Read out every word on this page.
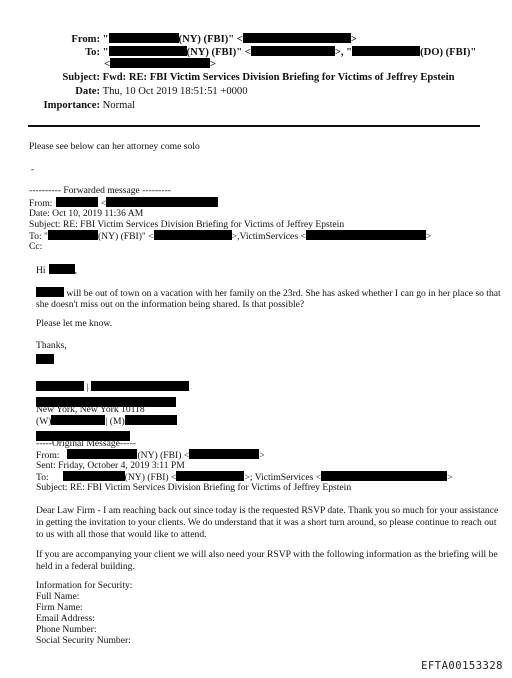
From: "	(NY) (FBI)" <	>
To: "	(NY) (FBI)" <	>, "	(DO) (FBI)"
<	>
Subject: Fwd: RE: FBI Victim Services Division Briefing for Victims of Jeffrey Epstein
Date: Thu, 10 Oct 2019 18:51:51 +0000
Importance: Normal
Please see below can her attorney come solo
-
---------- Forwarded message ---------
From:	<
Date: Oct 10, 2019 11:36 AM
Subject: RE: FBI Victim Services Division Briefing for Victims of Jeffrey Epstein
To: "	(NY) (FBI)" <	>,VictimServices <	>
Cc:
Hi	,
will be out of town on a vacation with her family on the 23rd. She has asked whether I can go in her place so that
she doesn't miss out on the information being shared. Is that possible?
Please let me know.
Thanks,
|
New York, New York 10118
(W)	| (M)
-----Original Message-----
From:	(NY) (FBI) <	>
Sent: Friday, October 4, 2019 3:11 PM
To:	(NY) (FBI) <	>; VictimServices <	>
Subject: RE: FBI Victim Services Division Briefing for Victims of Jeffrey Epstein
Dear Law Firm - I am reaching back out since today is the requested RSVP date. Thank you so much for your assistance
in getting the invitation to your clients. We do understand that it was a short turn around, so please continue to reach out
to us with all those that would like to attend.
If you are accompanying your client we will also need your RSVP with the following information as the briefing will be
held in a federal building.
Information for Security:
Full Name:
Firm Name:
Email Address:
Phone Number:
Social Security Number:
EFTA00153328
